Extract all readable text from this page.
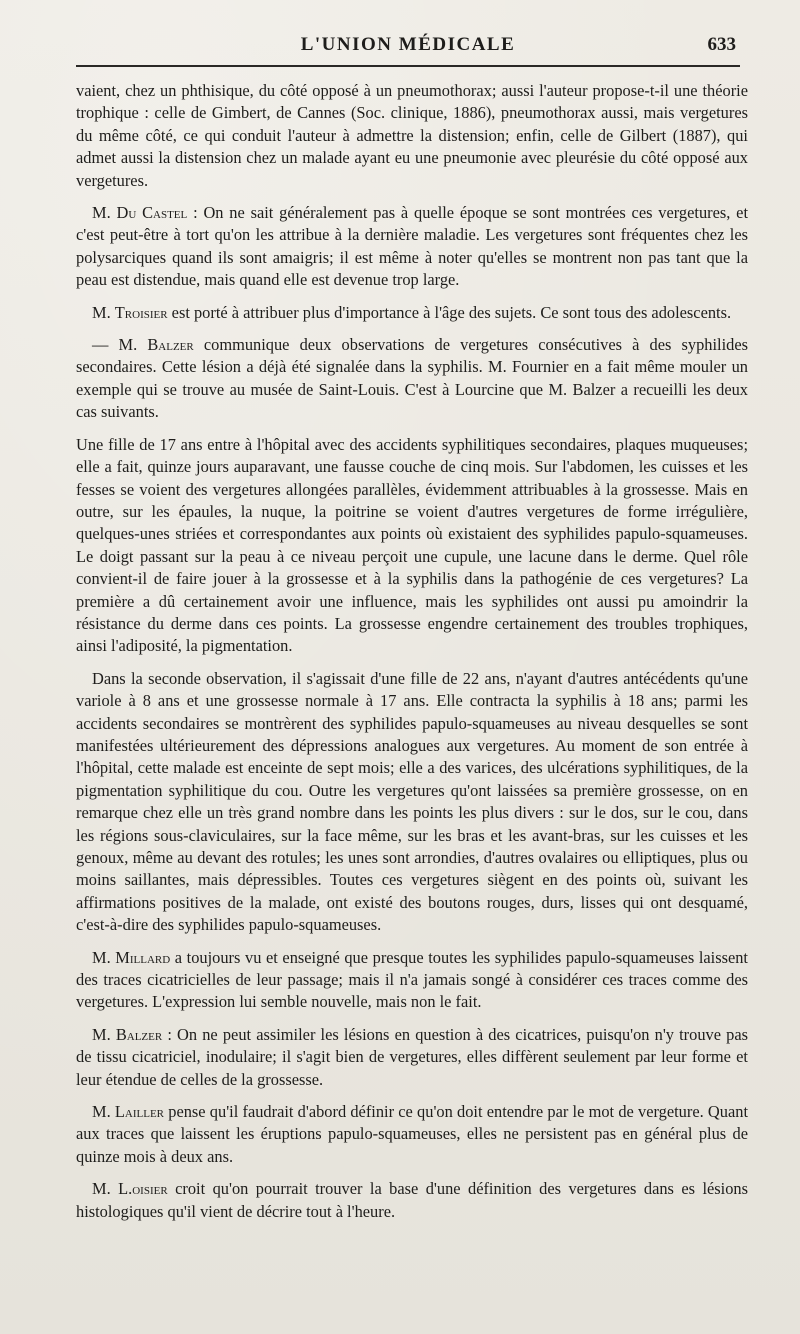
L'UNION MÉDICALE	633

vaient, chez un phthisique, du côté opposé à un pneumothorax; aussi l'auteur propose-t-il une théorie trophique : celle de Gimbert, de Cannes (Soc. clinique, 1886), pneumothorax aussi, mais vergetures du même côté, ce qui conduit l'auteur à admettre la distension; enfin, celle de Gilbert (1887), qui admet aussi la distension chez un malade ayant eu une pneumonie avec pleurésie du côté opposé aux vergetures.

M. Du Castel : On ne sait généralement pas à quelle époque se sont montrées ces vergetures, et c'est peut-être à tort qu'on les attribue à la dernière maladie. Les vergetures sont fréquentes chez les polysarciques quand ils sont amaigris; il est même à noter qu'elles se montrent non pas tant que la peau est distendue, mais quand elle est devenue trop large.

M. Troisier est porté à attribuer plus d'importance à l'âge des sujets. Ce sont tous des adolescents.

— M. Balzer communique deux observations de vergetures consécutives à des syphilides secondaires. Cette lésion a déjà été signalée dans la syphilis. M. Fournier en a fait même mouler un exemple qui se trouve au musée de Saint-Louis. C'est à Lourcine que M. Balzer a recueilli les deux cas suivants.

Une fille de 17 ans entre à l'hôpital avec des accidents syphilitiques secondaires, plaques muqueuses; elle a fait, quinze jours auparavant, une fausse couche de cinq mois. Sur l'abdomen, les cuisses et les fesses se voient des vergetures allongées parallèles, évidemment attribuables à la grossesse. Mais en outre, sur les épaules, la nuque, la poitrine se voient d'autres vergetures de forme irrégulière, quelques-unes striées et correspondantes aux points où existaient des syphilides papulo-squameuses. Le doigt passant sur la peau à ce niveau perçoit une cupule, une lacune dans le derme. Quel rôle convient-il de faire jouer à la grossesse et à la syphilis dans la pathogénie de ces vergetures? La première a dû certainement avoir une influence, mais les syphilides ont aussi pu amoindrir la résistance du derme dans ces points. La grossesse engendre certainement des troubles trophiques, ainsi l'adiposité, la pigmentation.

Dans la seconde observation, il s'agissait d'une fille de 22 ans, n'ayant d'autres antécédents qu'une variole à 8 ans et une grossesse normale à 17 ans. Elle contracta la syphilis à 18 ans; parmi les accidents secondaires se montrèrent des syphilides papulo-squameuses au niveau desquelles se sont manifestées ultérieurement des dépressions analogues aux vergetures. Au moment de son entrée à l'hôpital, cette malade est enceinte de sept mois; elle a des varices, des ulcérations syphilitiques, de la pigmentation syphilitique du cou. Outre les vergetures qu'ont laissées sa première grossesse, on en remarque chez elle un très grand nombre dans les points les plus divers : sur le dos, sur le cou, dans les régions sous-claviculaires, sur la face même, sur les bras et les avant-bras, sur les cuisses et les genoux, même au devant des rotules; les unes sont arrondies, d'autres ovalaires ou elliptiques, plus ou moins saillantes, mais dépressibles. Toutes ces vergetures siègent en des points où, suivant les affirmations positives de la malade, ont existé des boutons rouges, durs, lisses qui ont desquamé, c'est-à-dire des syphilides papulo-squameuses.

M. Millard a toujours vu et enseigné que presque toutes les syphilides papulo-squameuses laissent des traces cicatricielles de leur passage; mais il n'a jamais songé à considérer ces traces comme des vergetures. L'expression lui semble nouvelle, mais non le fait.

M. Balzer : On ne peut assimiler les lésions en question à des cicatrices, puisqu'on n'y trouve pas de tissu cicatriciel, inodulaire; il s'agit bien de vergetures, elles diffèrent seulement par leur forme et leur étendue de celles de la grossesse.

M. Lailler pense qu'il faudrait d'abord définir ce qu'on doit entendre par le mot de vergeture. Quant aux traces que laissent les éruptions papulo-squameuses, elles ne persistent pas en général plus de quinze mois à deux ans.

M. L.oisier croit qu'on pourrait trouver la base d'une définition des vergetures dans es lésions histologiques qu'il vient de décrire tout à l'heure.
